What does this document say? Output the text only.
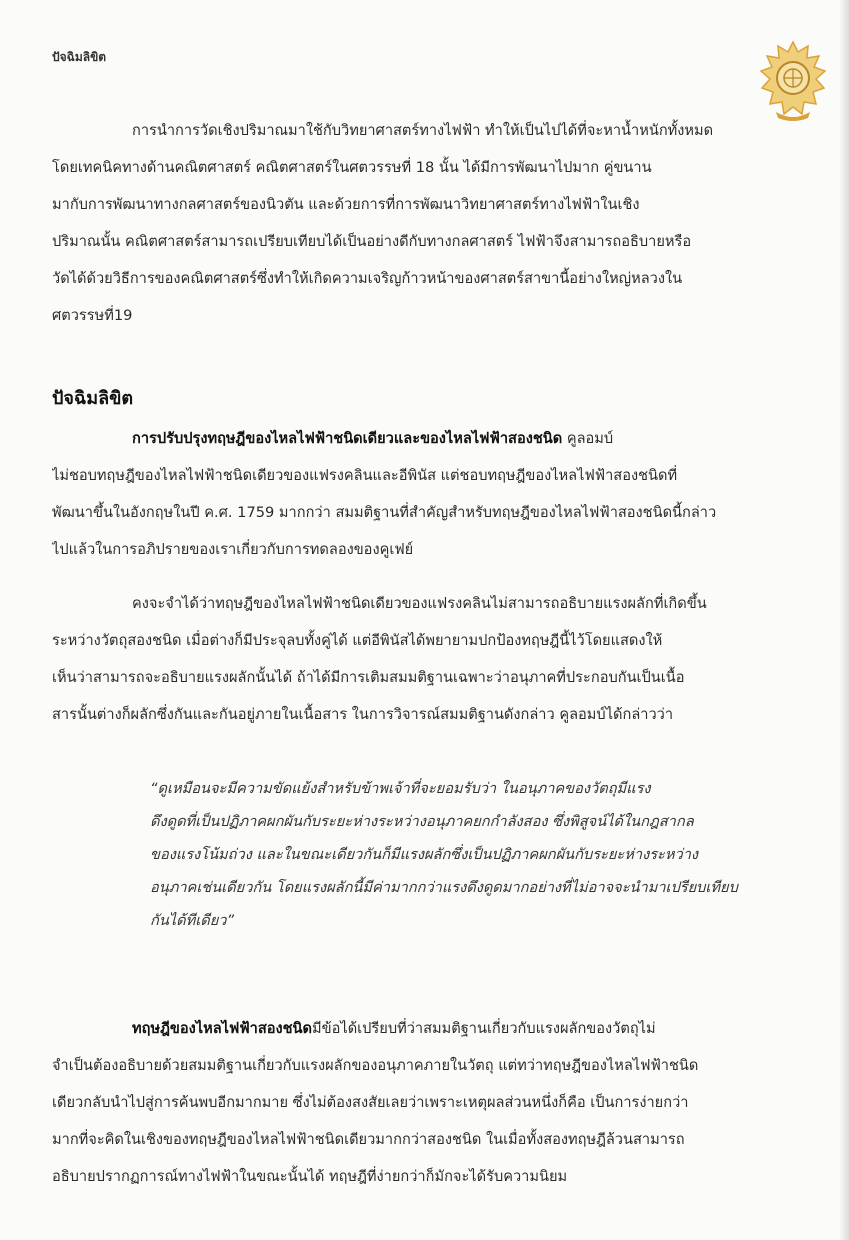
ปัจฉิมลิขิต
การนำการวัดเชิงปริมาณมาใช้กับวิทยาศาสตร์ทางไฟฟ้า ทำให้เป็นไปได้ที่จะหาน้ำหนักทั้งหมด
โดยเทคนิคทางด้านคณิตศาสตร์ คณิตศาสตร์ในศตวรรษที่ 18 นั้น ได้มีการพัฒนาไปมาก คู่ขนาน
มากับการพัฒนาทางกลศาสตร์ของนิวตัน และด้วยการที่การพัฒนาวิทยาศาสตร์ทางไฟฟ้าในเชิง
ปริมาณนั้น คณิตศาสตร์สามารถเปรียบเทียบได้เป็นอย่างดีกับทางกลศาสตร์ ไฟฟ้าจึงสามารถอธิบายหรือ
วัดได้ด้วยวิธีการของคณิตศาสตร์ซึ่งทำให้เกิดความเจริญก้าวหน้าของศาสตร์สาขานี้อย่างใหญ่หลวงใน
ศตวรรษที่19
ปัจฉิมลิขิต
การปรับปรุงทฤษฎีของไหลไฟฟ้าชนิดเดียวและของไหลไฟฟ้าสองชนิด คูลอมบ์
ไม่ชอบทฤษฎีของไหลไฟฟ้าชนิดเดียวของแฟรงคลินและอีพินัส แต่ชอบทฤษฎีของไหลไฟฟ้าสองชนิดที่
พัฒนาขึ้นในอังกฤษในปี ค.ศ. 1759 มากกว่า สมมติฐานที่สำคัญสำหรับทฤษฎีของไหลไฟฟ้าสองชนิดนี้กล่าว
ไปแล้วในการอภิปรายของเราเกี่ยวกับการทดลองของคูเฟย์
คงจะจำได้ว่าทฤษฎีของไหลไฟฟ้าชนิดเดียวของแฟรงคลินไม่สามารถอธิบายแรงผลักที่เกิดขึ้น
ระหว่างวัตถุสองชนิด เมื่อต่างก็มีประจุลบทั้งคู่ได้ แต่อีพินัสได้พยายามปกป้องทฤษฎีนี้ไว้โดยแสดงให้
เห็นว่าสามารถจะอธิบายแรงผลักนั้นได้ ถ้าได้มีการเติมสมมติฐานเฉพาะว่าอนุภาคที่ประกอบกันเป็นเนื้อ
สารนั้นต่างก็ผลักซึ่งกันและกันอยู่ภายในเนื้อสาร ในการวิจารณ์สมมติฐานดังกล่าว คูลอมบ์ได้กล่าวว่า
“ดูเหมือนจะมีความขัดแย้งสำหรับข้าพเจ้าที่จะยอมรับว่า ในอนุภาคของวัตถุมีแรง
ดึงดูดที่เป็นปฏิภาคผกผันกับระยะห่างระหว่างอนุภาคยกกำลังสอง ซึ่งพิสูจน์ได้ในกฎสากล
ของแรงโน้มถ่วง และในขณะเดียวกันก็มีแรงผลักซึ่งเป็นปฏิภาคผกผันกับระยะห่างระหว่าง
อนุภาคเช่นเดียวกัน โดยแรงผลักนี้มีค่ามากกว่าแรงดึงดูดมากอย่างที่ไม่อาจจะนำมาเปรียบเทียบ
กันได้ทีเดียว”
ทฤษฎีของไหลไฟฟ้าสองชนิดมีข้อได้เปรียบที่ว่าสมมติฐานเกี่ยวกับแรงผลักของวัตถุไม่
จำเป็นต้องอธิบายด้วยสมมติฐานเกี่ยวกับแรงผลักของอนุภาคภายในวัตถุ แต่ทว่าทฤษฎีของไหลไฟฟ้าชนิด
เดียวกลับนำไปสู่การค้นพบอีกมากมาย ซึ่งไม่ต้องสงสัยเลยว่าเพราะเหตุผลส่วนหนึ่งก็คือ เป็นการง่ายกว่า
มากที่จะคิดในเชิงของทฤษฎีของไหลไฟฟ้าชนิดเดียวมากกว่าสองชนิด ในเมื่อทั้งสองทฤษฎีล้วนสามารถ
อธิบายปรากฏการณ์ทางไฟฟ้าในขณะนั้นได้ ทฤษฎีที่ง่ายกว่าก็มักจะได้รับความนิยม
